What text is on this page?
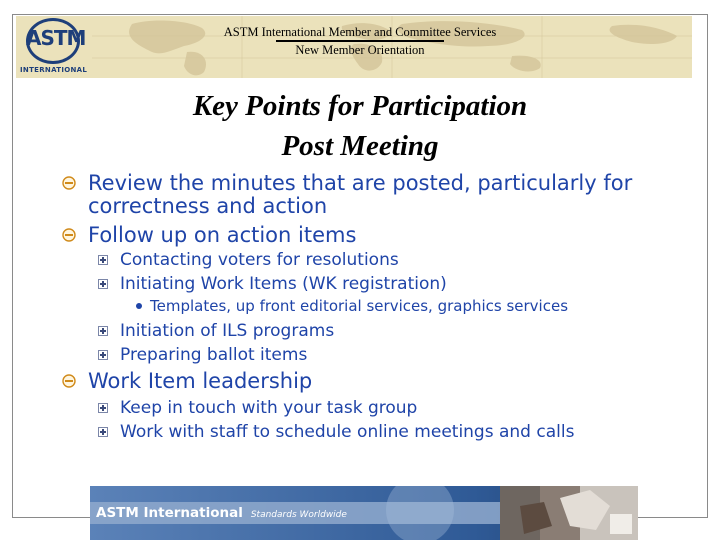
ASTM
INTERNATIONAL
ASTM International Member and Committee Services
New Member Orientation
Key Points for Participation
Post Meeting

Review the minutes that are posted, particularly for correctness and action

Follow up on action items

Contacting voters for resolutions

Initiating Work Items (WK registration)

Templates, up front editorial services, graphics services

Initiation of ILS programs

Preparing ballot items

Work Item leadership

Keep in touch with your task group

Work with staff to schedule online meetings and calls

ASTM International Standards Worldwide
